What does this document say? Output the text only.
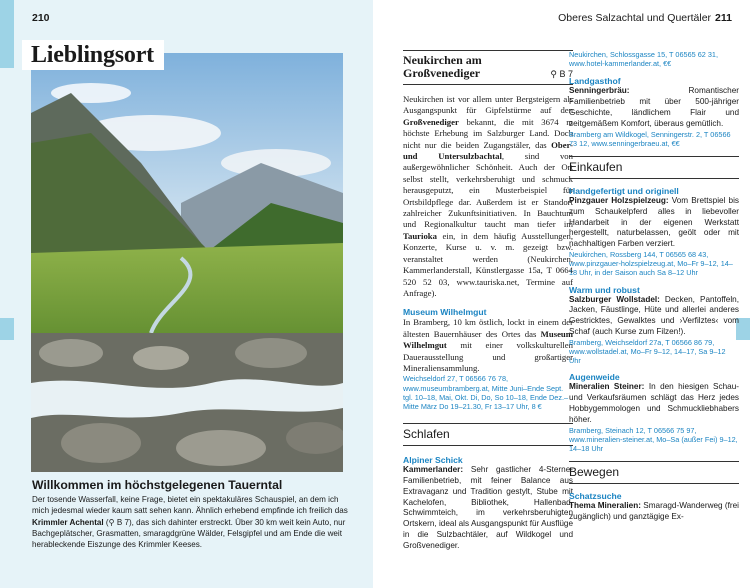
210
Lieblingsort
Willkommen im höchstgelegenen Tauerntal

Der tosende Wasserfall, keine Frage, bietet ein spektakuläres Schauspiel, an dem ich mich jedesmal wieder kaum satt sehen kann. Ähnlich erhebend empfinde ich freilich das Krimmler Achental (⚲ B 7), das sich dahinter erstreckt. Über 30 km weit kein Auto, nur Bachgeplätscher, Grasmatten, smaragdgrüne Wälder, Felsgipfel und am Ende die weit herableckende Eiszunge des Krimmler Keeses.

Oberes Salzachtal und Quertäler 211
Neukirchen am
Großvenediger	⚲ B 7

Neukirchen ist vor allem unter Bergsteigern als Ausgangspunkt für Gipfelstürme auf den Großvenediger bekannt, die mit 3674 m höchste Erhebung im Salzburger Land. Doch nicht nur die beiden Zugangstäler, das Ober- und Untersulzbachtal, sind von außergewöhnlicher Schönheit. Auch der Ort selbst stellt, verkehrsberuhigt und schmuck herausgeputzt, ein Musterbeispiel für Ortsbildpflege dar. Außerdem ist er Standort zahlreicher Zukunftsinitiativen. In Bauchtum und Regionalkultur taucht man tiefer im Taurioka ein, in dem häufig Ausstellungen, Konzerte, Kurse u. v. m. gezeigt bzw. veranstaltet werden (Neukirchen, Kammerlanderstall, Künstlergasse 15a, T 0664 520 52 03, www.tauriska.net, Termine auf Anfrage).

Museum Wilhelmgut

In Bramberg, 10 km östlich, lockt in einem der ältesten Bauernhäuser des Ortes das Museum Wilhelmgut mit einer volkskulturellen Dauerausstellung und großartiger Mineraliensammlung.

Weichseldorf 27, T 06566 76 78, www.museumbramberg.at, Mitte Juni–Ende Sept. tgl. 10–18, Mai, Okt. Di, Do, So 10–18, Ende Dez.–Mitte März Do 19–21.30, Fr 13–17 Uhr, 8 €

Schlafen

Alpiner Schick

Kammerlander: Sehr gastlicher 4-Sterne-Familienbetrieb, mit feiner Balance aus Extravaganz und Tradition gestylt, Stube mit Kachelofen, Bibliothek, Hallenbad, Schwimmteich, im verkehrsberuhigten Ortskern, ideal als Ausgangspunkt für Ausflüge in die Sulzbachtäler, auf Wildkogel und Großvenediger.

Neukirchen, Schlossgasse 15, T 06565 62 31, www.hotel-kammerlander.at, €€

Landgasthof

Senningerbräu: Romantischer Familienbetrieb mit über 500-jähriger Geschichte, ländlichem Flair und zeitgemäßem Komfort, überaus gemütlich.

Bramberg am Wildkogel, Senningerstr. 2, T 06566 73 12, www.senningerbraeu.at, €€

Einkaufen

Handgefertigt und originell

Pinzgauer Holzspielzeug: Vom Brettspiel bis zum Schaukelpferd alles in liebevoller Handarbeit in der eigenen Werkstatt hergestellt, naturbelassen, geölt oder mit nachhaltigen Farben verziert.

Neukirchen, Rossberg 144, T 06565 68 43, www.pinzgauer-holzspielzeug.at, Mo–Fr 9–12, 14–18 Uhr, in der Saison auch Sa 8–12 Uhr

Warm und robust

Salzburger Wollstadel: Decken, Pantoffeln, Jacken, Fäustlinge, Hüte und allerlei anderes Gestricktes, Gewalktes und ›Verfilztes‹ vom Schaf (auch Kurse zum Filzen!).

Bramberg, Weichseldorf 27a, T 06566 86 79, www.wollstadel.at, Mo–Fr 9–12, 14–17, Sa 9–12 Uhr

Augenweide

Mineralien Steiner: In den hiesigen Schau- und Verkaufsräumen schlägt das Herz jedes Hobbygemmologen und Schmuckliebhabers höher.

Bramberg, Steinach 12, T 06566 75 97, www.mineralien-steiner.at, Mo–Sa (außer Fei) 9–12, 14–18 Uhr

Bewegen

Schatzsuche

Thema Mineralien: Smaragd-Wanderweg (frei zugänglich) und ganztägige Ex-
